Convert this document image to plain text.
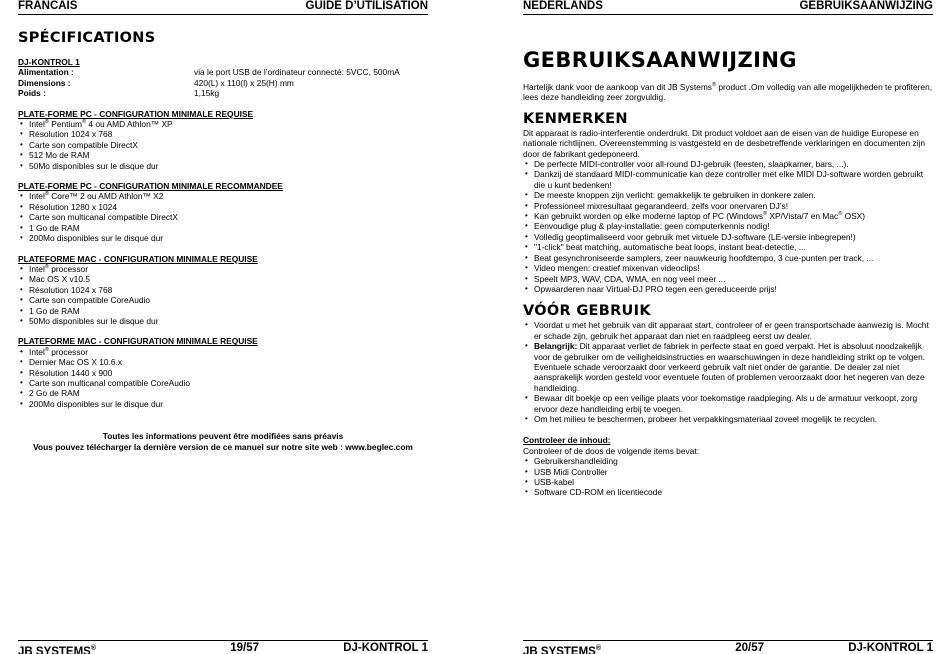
FRANCAIS	GUIDE D’UTILISATION
SPÉCIFICATIONS
DJ-KONTROL 1
Alimentation :	via le port USB de l’ordinateur connecté: 5VCC, 500mA
Dimensions :	420(L) x 110(l) x 25(H) mm
Poids :	1,15kg
PLATE-FORME PC - CONFIGURATION MINIMALE REQUISE
• Intel® Pentium® 4 ou AMD Athlon™ XP
• Résolution 1024 x 768
• Carte son compatible DirectX
• 512 Mo de RAM
• 50Mo disponibles sur le disque dur
PLATE-FORME PC - CONFIGURATION MINIMALE RECOMMANDEE
• Intel® Core™ 2 ou AMD Athlon™ X2
• Résolution 1280 x 1024
• Carte son multicanal compatible DirectX
• 1 Go de RAM
• 200Mo disponibles sur le disque dur
PLATEFORME MAC - CONFIGURATION MINIMALE REQUISE
• Intel® processor
• Mac OS X v10.5
• Résolution 1024 x 768
• Carte son compatible CoreAudio
• 1 Go de RAM
• 50Mo disponibles sur le disque dur
PLATEFORME MAC - CONFIGURATION MINIMALE REQUISE
• Intel® processor
• Dernier Mac OS X 10.6.x
• Résolution 1440 x 900
• Carte son multicanal compatible CoreAudio
• 2 Go de RAM
• 200Mo disponibles sur le disque dur
Toutes les informations peuvent être modifiées sans préavis
Vous pouvez télécharger la dernière version de ce manuel sur notre site web : www.beglec.com
JB SYSTEMS®	19/57	DJ-KONTROL 1
NEDERLANDS	GEBRUIKSAANWIJZING
GEBRUIKSAANWIJZING

Hartelijk dank voor de aankoop van dit JB Systems® product .Om volledig van alle mogelijkheden te profiteren, lees deze handleiding zeer zorgvuldig.

KENMERKEN

Dit apparaat is radio-interferentie onderdrukt. Dit product voldoet aan de eisen van de huidige Europese en nationale richtlijnen. Overeenstemming is vastgesteld en de desbetreffende verklaringen en documenten zijn door de fabrikant gedeponeerd.

• De perfecte MIDI-controller voor all-round DJ-gebruik (feesten, slaapkamer, bars, ...).
• Dankzij de standaard MIDI-communicatie kan deze controller met elke MIDI DJ-software worden gebruikt die u kunt bedenken!
• De meeste knoppen zijn verlicht: gemakkelijk te gebruiken in donkere zalen.
• Professioneel mixresultaat gegarandeerd, zelfs voor onervaren DJ’s!
• Kan gebruikt worden op elke moderne laptop of PC (Windows® XP/Vista/7 en Mac® OSX)
• Eenvoudige plug & play-installatie: geen computerkennis nodig!
• Volledig geoptimaliseerd voor gebruik met virtuele DJ-software (LE-versie inbegrepen!)
• "1-click" beat matching, automatische beat loops, instant beat-detectie, ...
• Beat gesynchroniseerde samplers, zeer nauwkeurig hoofdtempo, 3 cue-punten per track, ...
• Video mengen: creatief mixenvan videoclips!
• Speelt MP3, WAV, CDA, WMA, en nog veel meer ...
• Opwaarderen naar Virtual-DJ PRO tegen een gereduceerde prijs!
VÓÓR GEBRUIK
• Voordat u met het gebruik van dit apparaat start, controleer of er geen transportschade aanwezig is. Mocht er schade zijn, gebruik het apparaat dan niet en raadpleeg eerst uw dealer.
• Belangrijk: Dit apparaat verliet de fabriek in perfecte staat en goed verpakt. Het is absoluut noodzakelijk voor de gebruiker om de veiligheidsinstructies en waarschuwingen in deze handleiding strikt op te volgen. Eventuele schade veroorzaakt door verkeerd gebruik valt niet onder de garantie. De dealer zal niet aansprakelijk worden gesteld voor eventuele fouten of problemen veroorzaakt door het negeren van deze handleiding.
• Bewaar dit boekje op een veilige plaats voor toekomstige raadpleging. Als u de armatuur verkoopt, zorg ervoor deze handleiding erbij te voegen.
• Om het milieu te beschermen, probeer het verpakkingsmateriaal zoveel mogelijk te recyclen.
Controleer de inhoud:

Controleer of de doos de volgende items bevat:

• Gebruikershandleiding
• USB Midi Controller
• USB-kabel
• Software CD-ROM en licentiecode
JB SYSTEMS®	20/57	DJ-KONTROL 1
